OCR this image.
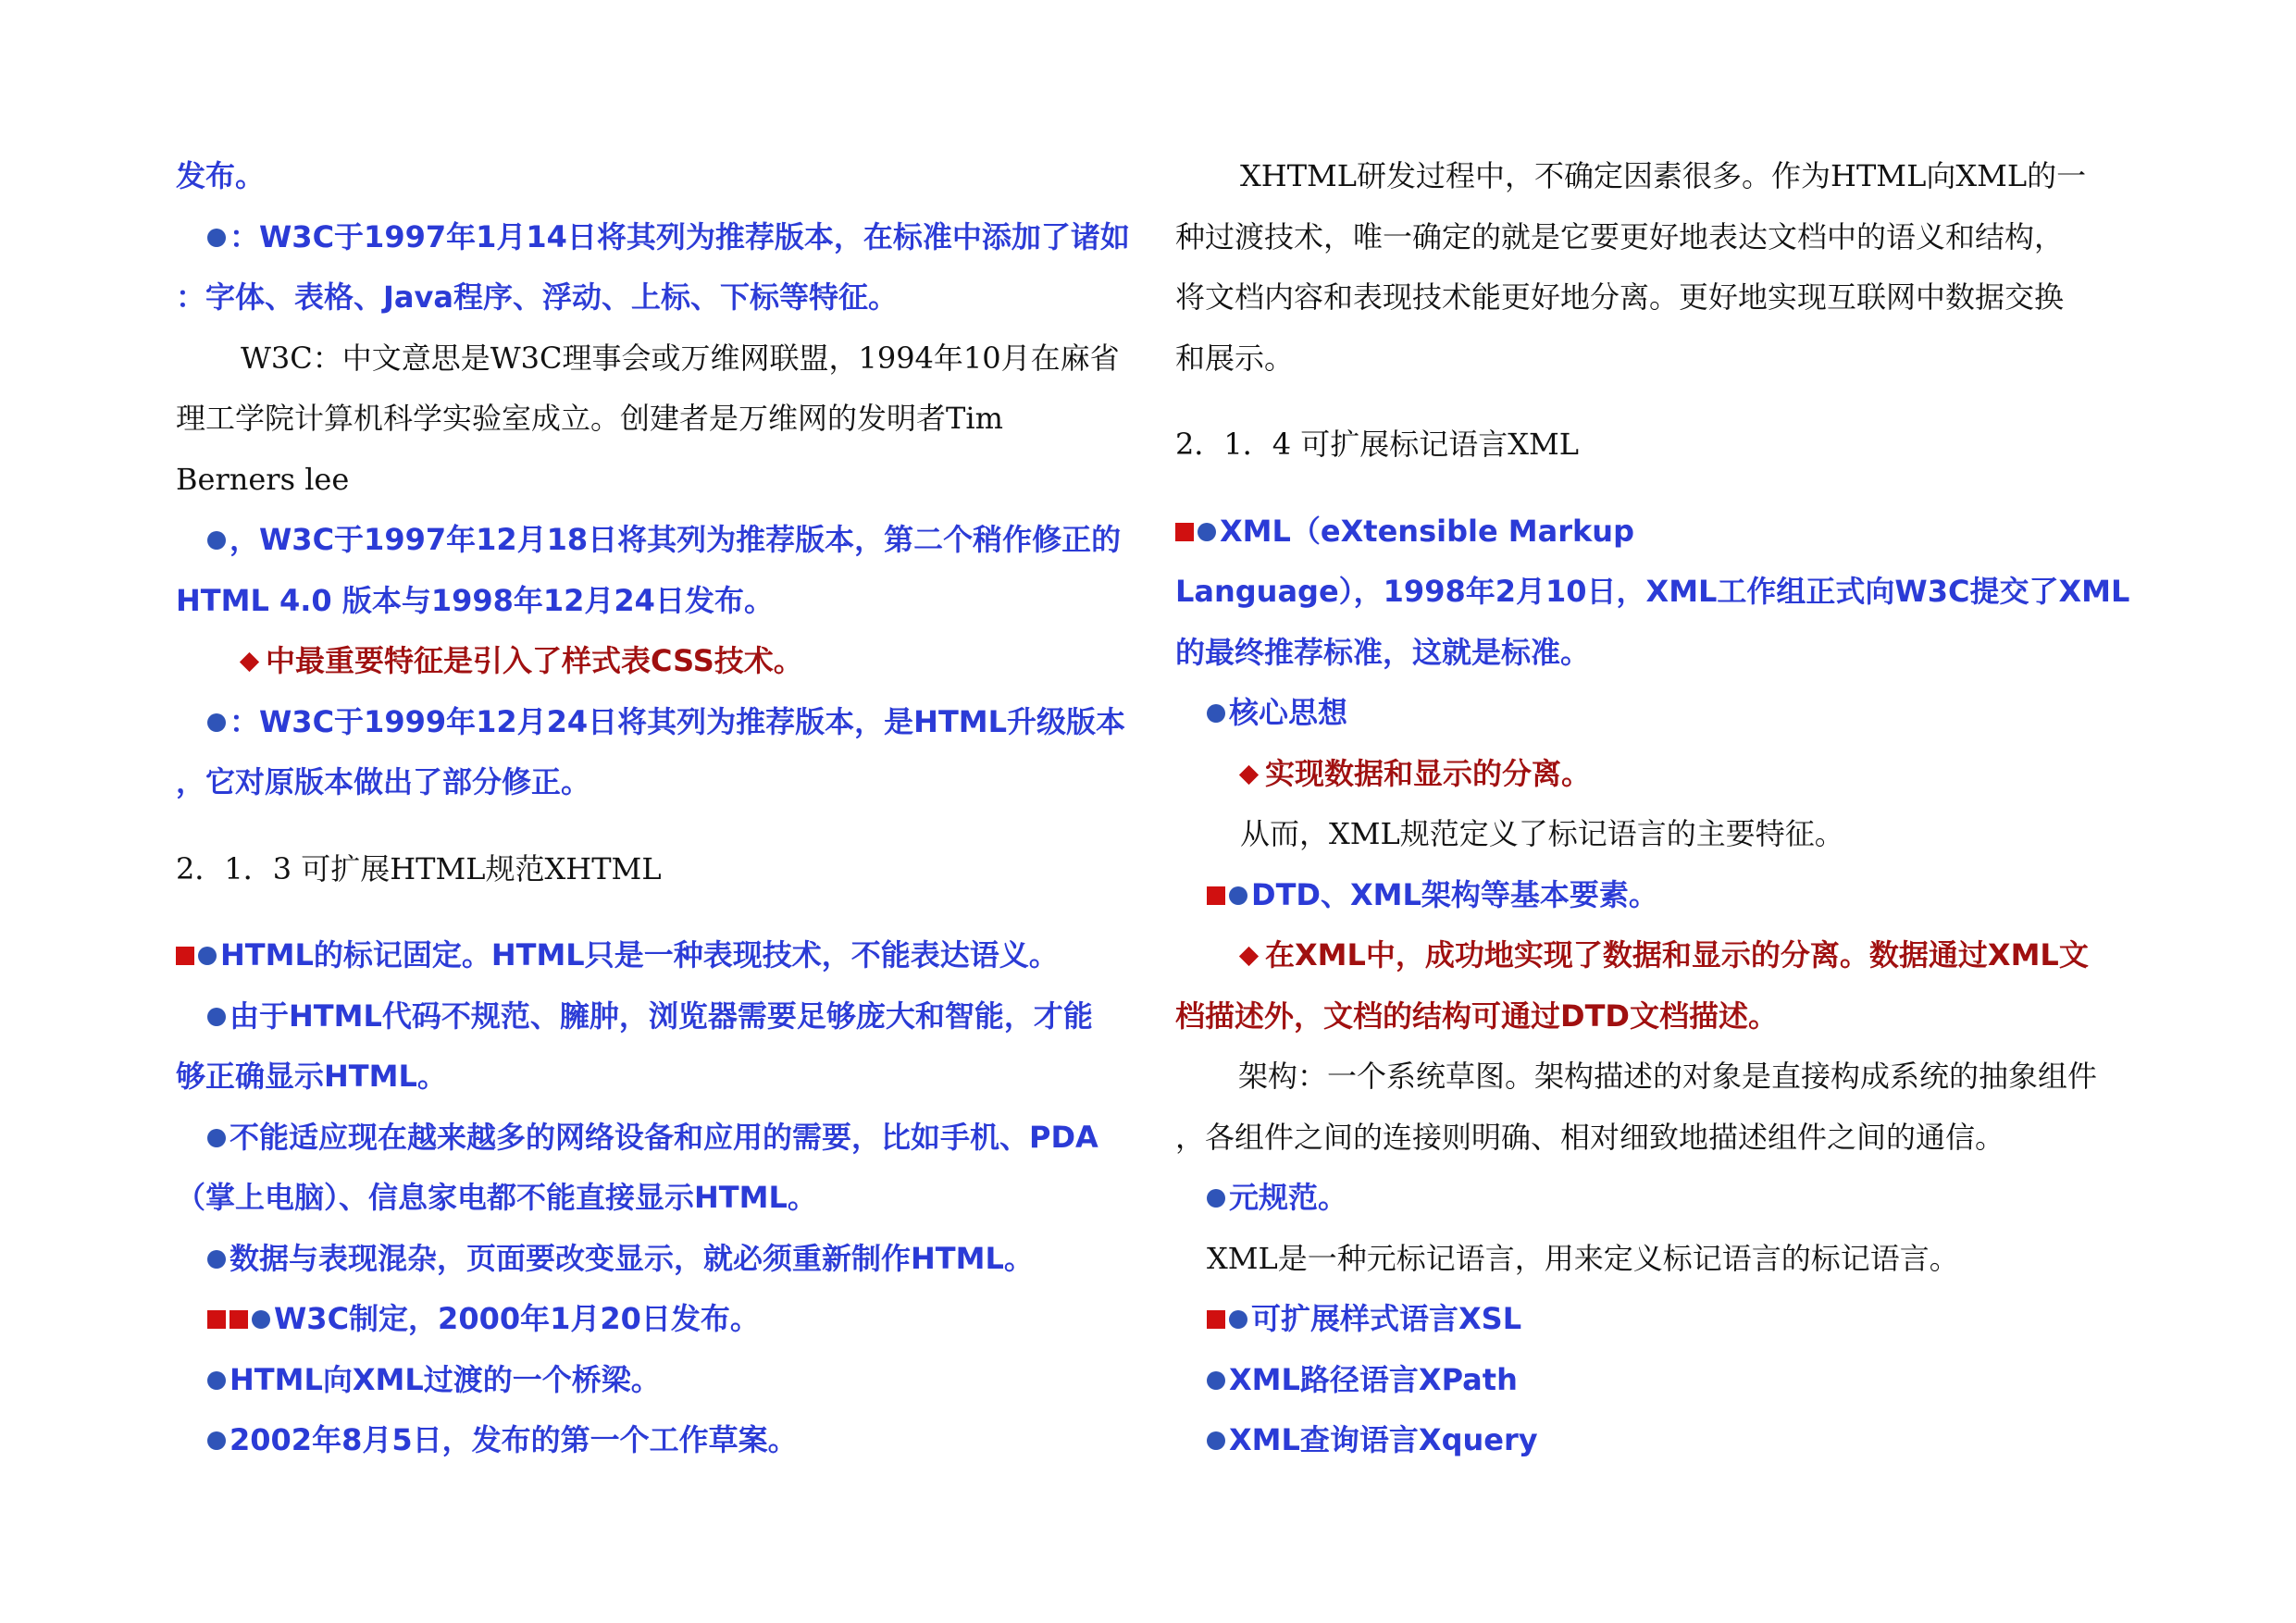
发布。
：W3C于1997年1月14日将其列为推荐版本，在标准中添加了诸如
：字体、表格、Java程序、浮动、上标、下标等特征。
W3C：中文意思是W3C理事会或万维网联盟，1994年10月在麻省
理工学院计算机科学实验室成立。创建者是万维网的发明者Tim
Berners lee
，W3C于1997年12月18日将其列为推荐版本，第二个稍作修正的
HTML 4.0 版本与1998年12月24日发布。
中最重要特征是引入了样式表CSS技术。
：W3C于1999年12月24日将其列为推荐版本，是HTML升级版本
，它对原版本做出了部分修正。
2．1．3 可扩展HTML规范XHTML
HTML的标记固定。HTML只是一种表现技术，不能表达语义。
由于HTML代码不规范、臃肿，浏览器需要足够庞大和智能，才能
够正确显示HTML。
不能适应现在越来越多的网络设备和应用的需要，比如手机、PDA
（掌上电脑）、信息家电都不能直接显示HTML。
数据与表现混杂，页面要改变显示，就必须重新制作HTML。
W3C制定，2000年1月20日发布。
HTML向XML过渡的一个桥梁。
2002年8月5日，发布的第一个工作草案。
XHTML研发过程中，不确定因素很多。作为HTML向XML的一
种过渡技术，唯一确定的就是它要更好地表达文档中的语义和结构，
将文档内容和表现技术能更好地分离。更好地实现互联网中数据交换
和展示。
2．1．4 可扩展标记语言XML
XML（eXtensible Markup
Language），1998年2月10日，XML工作组正式向W3C提交了XML
的最终推荐标准，这就是标准。
核心思想
实现数据和显示的分离。
从而，XML规范定义了标记语言的主要特征。
DTD、XML架构等基本要素。
在XML中，成功地实现了数据和显示的分离。数据通过XML文
档描述外，文档的结构可通过DTD文档描述。
架构：一个系统草图。架构描述的对象是直接构成系统的抽象组件
，各组件之间的连接则明确、相对细致地描述组件之间的通信。
元规范。
XML是一种元标记语言，用来定义标记语言的标记语言。
可扩展样式语言XSL
XML路径语言XPath
XML查询语言Xquery
